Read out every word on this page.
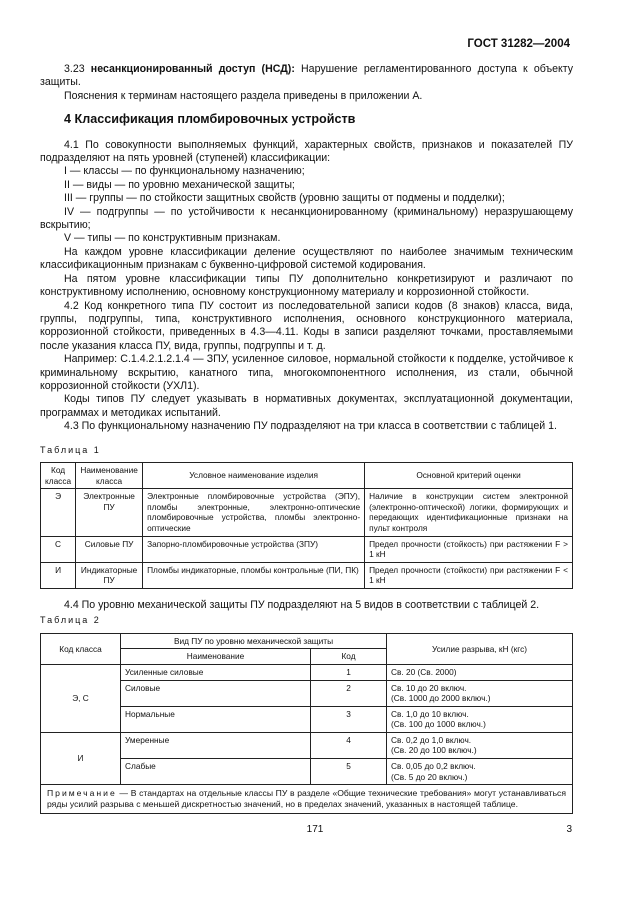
ГОСТ 31282—2004

3.23 несанкционированный доступ (НСД): Нарушение регламентированного доступа к объекту защиты.

Пояснения к терминам настоящего раздела приведены в приложении А.

4 Классификация пломбировочных устройств

4.1 По совокупности выполняемых функций, характерных свойств, признаков и показателей ПУ подразделяют на пять уровней (ступеней) классификации:

I — классы — по функциональному назначению;

II — виды — по уровню механической защиты;

III — группы — по стойкости защитных свойств (уровню защиты от подмены и подделки);

IV — подгруппы — по устойчивости к несанкционированному (криминальному) неразрушающему вскрытию;

V — типы — по конструктивным признакам.

На каждом уровне классификации деление осуществляют по наиболее значимым техническим классификационным признакам с буквенно-цифровой системой кодирования.

На пятом уровне классификации типы ПУ дополнительно конкретизируют и различают по конструктивному исполнению, основному конструкционному материалу и коррозионной стойкости.

4.2 Код конкретного типа ПУ состоит из последовательной записи кодов (8 знаков) класса, вида, группы, подгруппы, типа, конструктивного исполнения, основного конструкционного материала, коррозионной стойкости, приведенных в 4.3—4.11. Коды в записи разделяют точками, проставляемыми после указания класса ПУ, вида, группы, подгруппы и т. д.

Например: С.1.4.2.1.2.1.4 — ЗПУ, усиленное силовое, нормальной стойкости к подделке, устойчивое к криминальному вскрытию, канатного типа, многокомпонентного исполнения, из стали, обычной коррозионной стойкости (УХЛ1).

Коды типов ПУ следует указывать в нормативных документах, эксплуатационной документации, программах и методиках испытаний.

4.3 По функциональному назначению ПУ подразделяют на три класса в соответствии с таблицей 1.

Таблица 1
Код класса	Наименование класса	Условное наименование изделия	Основной критерий оценки
Э	Электронные ПУ	Электронные пломбировочные устройства (ЭПУ), пломбы электронные, электронно-оптические пломбировочные устройства, пломбы электронно-оптические	Наличие в конструкции систем электронной (электронно-оптической) логики, формирующих и передающих идентификационные признаки на пульт контроля
С	Силовые ПУ	Запорно-пломбировочные устройства (ЗПУ)	Предел прочности (стойкость) при растяжении F > 1 кН
И	Индикаторные ПУ	Пломбы индикаторные, пломбы контрольные (ПИ, ПК)	Предел прочности (стойкости) при растяжении F < 1 кН

4.4 По уровню механической защиты ПУ подразделяют на 5 видов в соответствии с таблицей 2.

Таблица 2
Код класса	Вид ПУ по уровню механической защиты		Усилие разрыва, кН (кгс)
	Наименование	Код	
Э, С	Усиленные силовые	1	Св. 20 (Св. 2000)

	Силовые	2	Св. 10 до 20 включ.
(Св. 1000 до 2000 включ.)

	Нормальные	3	Св. 1,0 до 10 включ.
(Св. 100 до 1000 включ.)

И	Умеренные	4	Св. 0,2 до 1,0 включ.
(Св. 20 до 100 включ.)

	Слабые	5	Св. 0,05 до 0,2 включ.
(Св. 5 до 20 включ.)

Примечание — В стандартах на отдельные классы ПУ в разделе «Общие технические требования» могут устанавливаться ряды усилий разрыва с меньшей дискретностью значений, но в пределах значений, указанных в настоящей таблице.			
171	3
